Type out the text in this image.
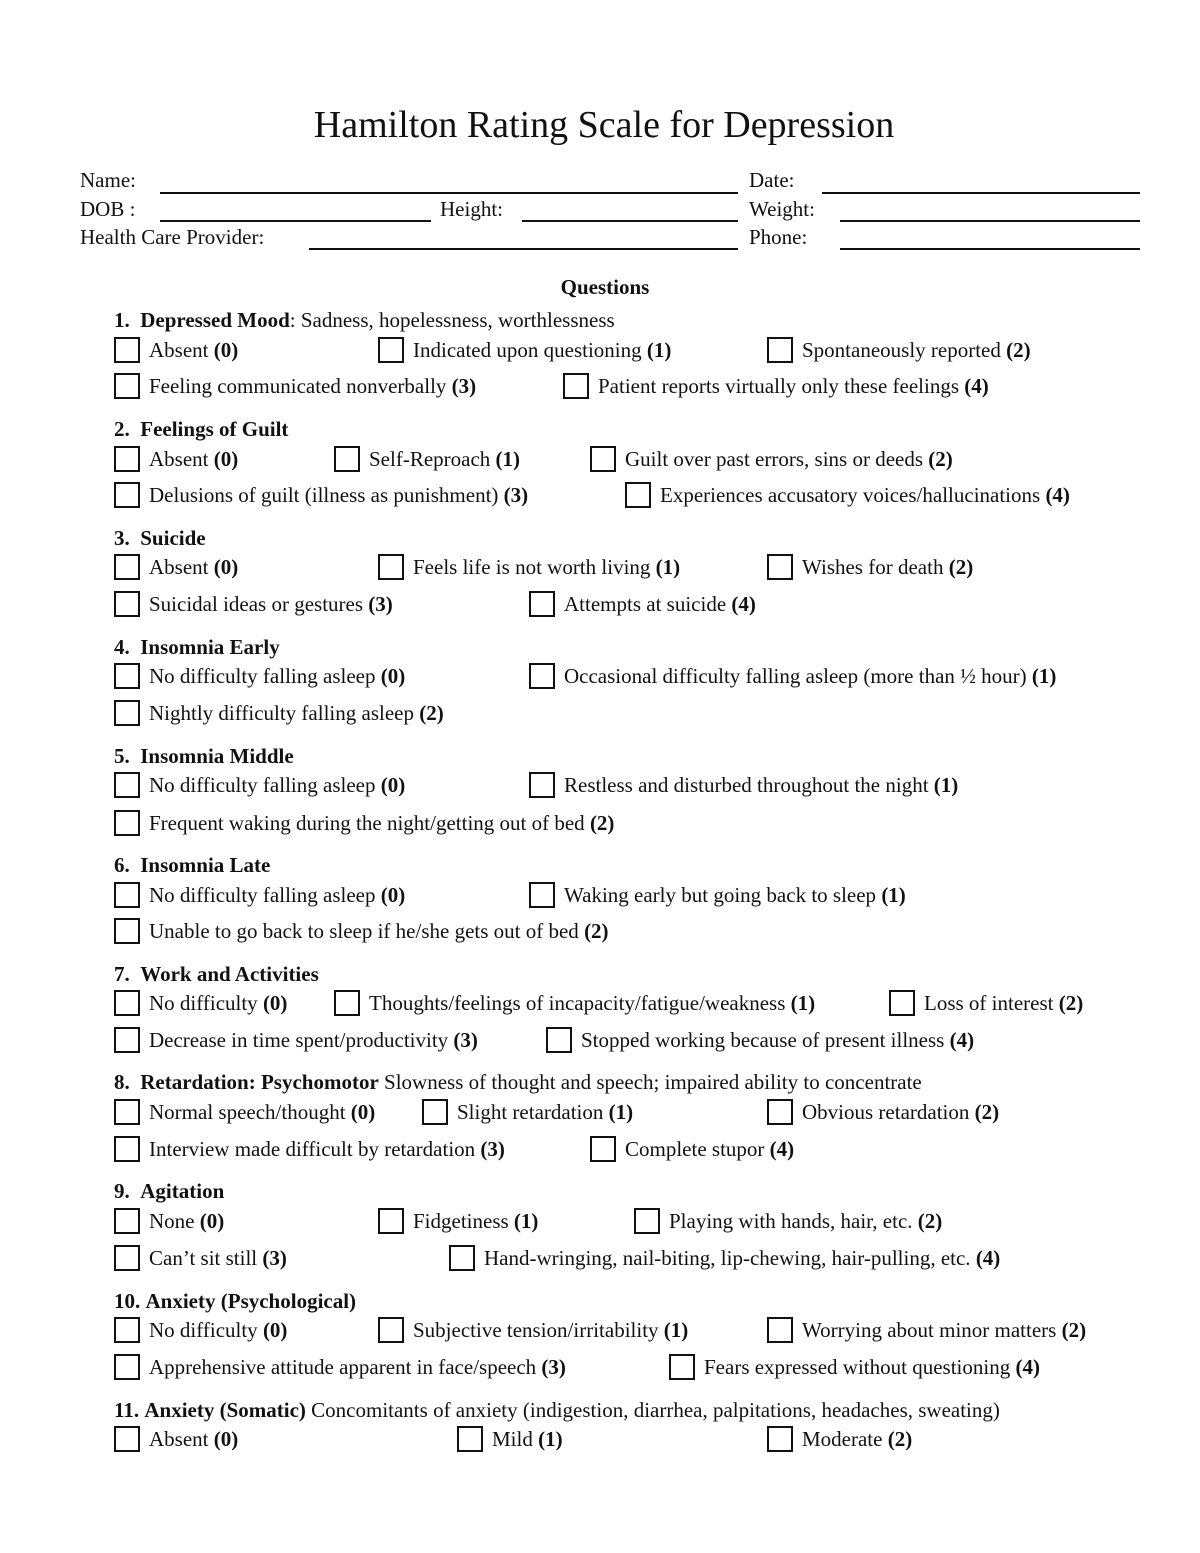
Hamilton Rating Scale for Depression
Name:	Date:
DOB :	Height:	Weight:
Health Care Provider:	Phone:
Questions
1. Depressed Mood: Sadness, hopelessness, worthlessness
Absent (0)	Indicated upon questioning (1)	Spontaneously reported (2)
Feeling communicated nonverbally (3)	Patient reports virtually only these feelings (4)
2. Feelings of Guilt
Absent (0)	Self-Reproach (1)	Guilt over past errors, sins or deeds (2)
Delusions of guilt (illness as punishment) (3)	Experiences accusatory voices/hallucinations (4)
3. Suicide
Absent (0)	Feels life is not worth living (1)	Wishes for death (2)
Suicidal ideas or gestures (3)	Attempts at suicide (4)
4. Insomnia Early
No difficulty falling asleep (0)	Occasional difficulty falling asleep (more than ½ hour) (1)
Nightly difficulty falling asleep (2)
5. Insomnia Middle
No difficulty falling asleep (0)	Restless and disturbed throughout the night (1)
Frequent waking during the night/getting out of bed (2)
6. Insomnia Late
No difficulty falling asleep (0)	Waking early but going back to sleep (1)
Unable to go back to sleep if he/she gets out of bed (2)
7. Work and Activities
No difficulty (0)	Thoughts/feelings of incapacity/fatigue/weakness (1)	Loss of interest (2)
Decrease in time spent/productivity (3)	Stopped working because of present illness (4)
8. Retardation: Psychomotor Slowness of thought and speech; impaired ability to concentrate
Normal speech/thought (0)	Slight retardation (1)	Obvious retardation (2)
Interview made difficult by retardation (3)	Complete stupor (4)
9. Agitation
None (0)	Fidgetiness (1)	Playing with hands, hair, etc. (2)
Can’t sit still (3)	Hand-wringing, nail-biting, lip-chewing, hair-pulling, etc. (4)
10. Anxiety (Psychological)
No difficulty (0)	Subjective tension/irritability (1)	Worrying about minor matters (2)
Apprehensive attitude apparent in face/speech (3)	Fears expressed without questioning (4)
11. Anxiety (Somatic) Concomitants of anxiety (indigestion, diarrhea, palpitations, headaches, sweating)
Absent (0)	Mild (1)	Moderate (2)
